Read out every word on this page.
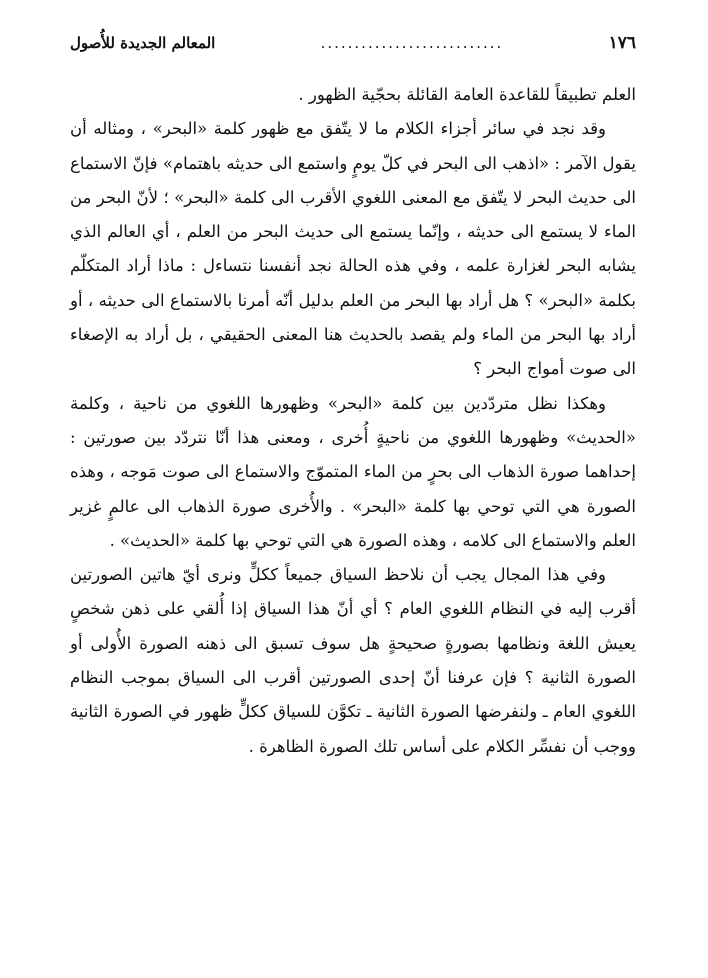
١٧٦
...........................
المعالم الجديدة للأُصول

العلم تطبيقاً للقاعدة العامة القائلة بحجّية الظهور .

وقد نجد في سائر أجزاء الكلام ما لا يتّفق مع ظهور كلمة «البحر» ، ومثاله أن يقول الآمر : «اذهب الى البحر في كلّ يومٍ واستمع الى حديثه باهتمام» فإنّ الاستماع الى حديث البحر لا يتّفق مع المعنى اللغوي الأقرب الى كلمة «البحر» ؛ لأنّ البحر من الماء لا يستمع الى حديثه ، وإنّما يستمع الى حديث البحر من العلم ، أي العالم الذي يشابه البحر لغزارة علمه ، وفي هذه الحالة نجد أنفسنا نتساءل : ماذا أراد المتكلّم بكلمة «البحر» ؟ هل أراد بها البحر من العلم بدليل أنّه أمرنا بالاستماع الى حديثه ، أو أراد بها البحر من الماء ولم يقصد بالحديث هنا المعنى الحقيقي ، بل أراد به الإصغاء الى صوت أمواج البحر ؟

وهكذا نظل متردّدين بين كلمة «البحر» وظهورها اللغوي من ناحية ، وكلمة «الحديث» وظهورها اللغوي من ناحيةٍ أُخرى ، ومعنى هذا أنّا نتردّد بين صورتين : إحداهما صورة الذهاب الى بحرٍ من الماء المتموّج والاستماع الى صوت مَوجه ، وهذه الصورة هي التي توحي بها كلمة «البحر» . والأُخرى صورة الذهاب الى عالمٍ غزير العلم والاستماع الى كلامه ، وهذه الصورة هي التي توحي بها كلمة «الحديث» .

وفي هذا المجال يجب أن نلاحظ السياق جميعاً ككلٍّ ونرى أيّ هاتين الصورتين أقرب إليه في النظام اللغوي العام ؟ أي أنّ هذا السياق إذا أُلقي على ذهن شخصٍ يعيش اللغة ونظامها بصورةٍ صحيحةٍ هل سوف تسبق الى ذهنه الصورة الأُولى أو الصورة الثانية ؟ فإن عرفنا أنّ إحدى الصورتين أقرب الى السياق بموجب النظام اللغوي العام ـ ولنفرضها الصورة الثانية ـ تكوَّن للسياق ككلٍّ ظهور في الصورة الثانية ووجب أن نفسِّر الكلام على أساس تلك الصورة الظاهرة .
